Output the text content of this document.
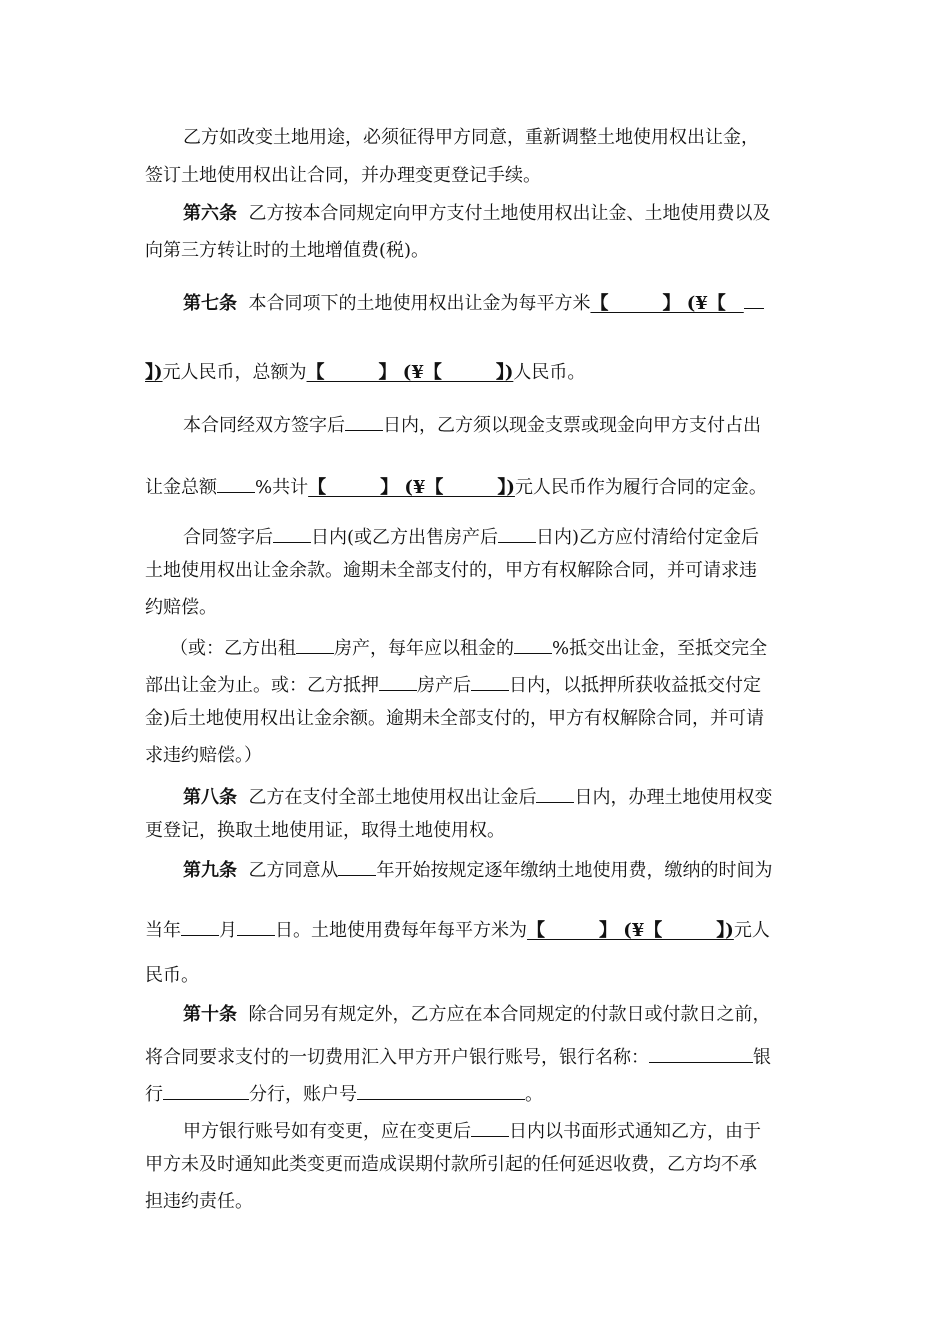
乙方如改变土地用途，必须征得甲方同意，重新调整土地使用权出让金，
签订土地使用权出让合同，并办理变更登记手续。
第六条 乙方按本合同规定向甲方支付土地使用权出让金、土地使用费以及
向第三方转让时的土地增值费(税)。
第七条 本合同项下的土地使用权出让金为每平方米【　　　】 (¥【　
】)元人民币，总额为【　　　】 (¥【　　　】)人民币。
本合同经双方签字后 日内，乙方须以现金支票或现金向甲方支付占出
让金总额 %共计【　　　】 (¥【　　　】)元人民币作为履行合同的定金。
合同签字后 日内(或乙方出售房产后 日内)乙方应付清给付定金后
土地使用权出让金余款。逾期未全部支付的，甲方有权解除合同，并可请求违
约赔偿。
（或：乙方出租 房产，每年应以租金的 %抵交出让金，至抵交完全
部出让金为止。或：乙方抵押 房产后 日内，以抵押所获收益抵交付定
金)后土地使用权出让金余额。逾期未全部支付的，甲方有权解除合同，并可请
求违约赔偿。）
第八条 乙方在支付全部土地使用权出让金后 日内，办理土地使用权变
更登记，换取土地使用证，取得土地使用权。
第九条 乙方同意从 年开始按规定逐年缴纳土地使用费，缴纳的时间为
当年 月 日。土地使用费每年每平方米为【　　　】 (¥【　　　】)元人
民币。
第十条 除合同另有规定外，乙方应在本合同规定的付款日或付款日之前，
将合同要求支付的一切费用汇入甲方开户银行账号，银行名称：	银
行	分行，账户号	。
甲方银行账号如有变更，应在变更后 日内以书面形式通知乙方，由于
甲方未及时通知此类变更而造成误期付款所引起的任何延迟收费，乙方均不承
担违约责任。
